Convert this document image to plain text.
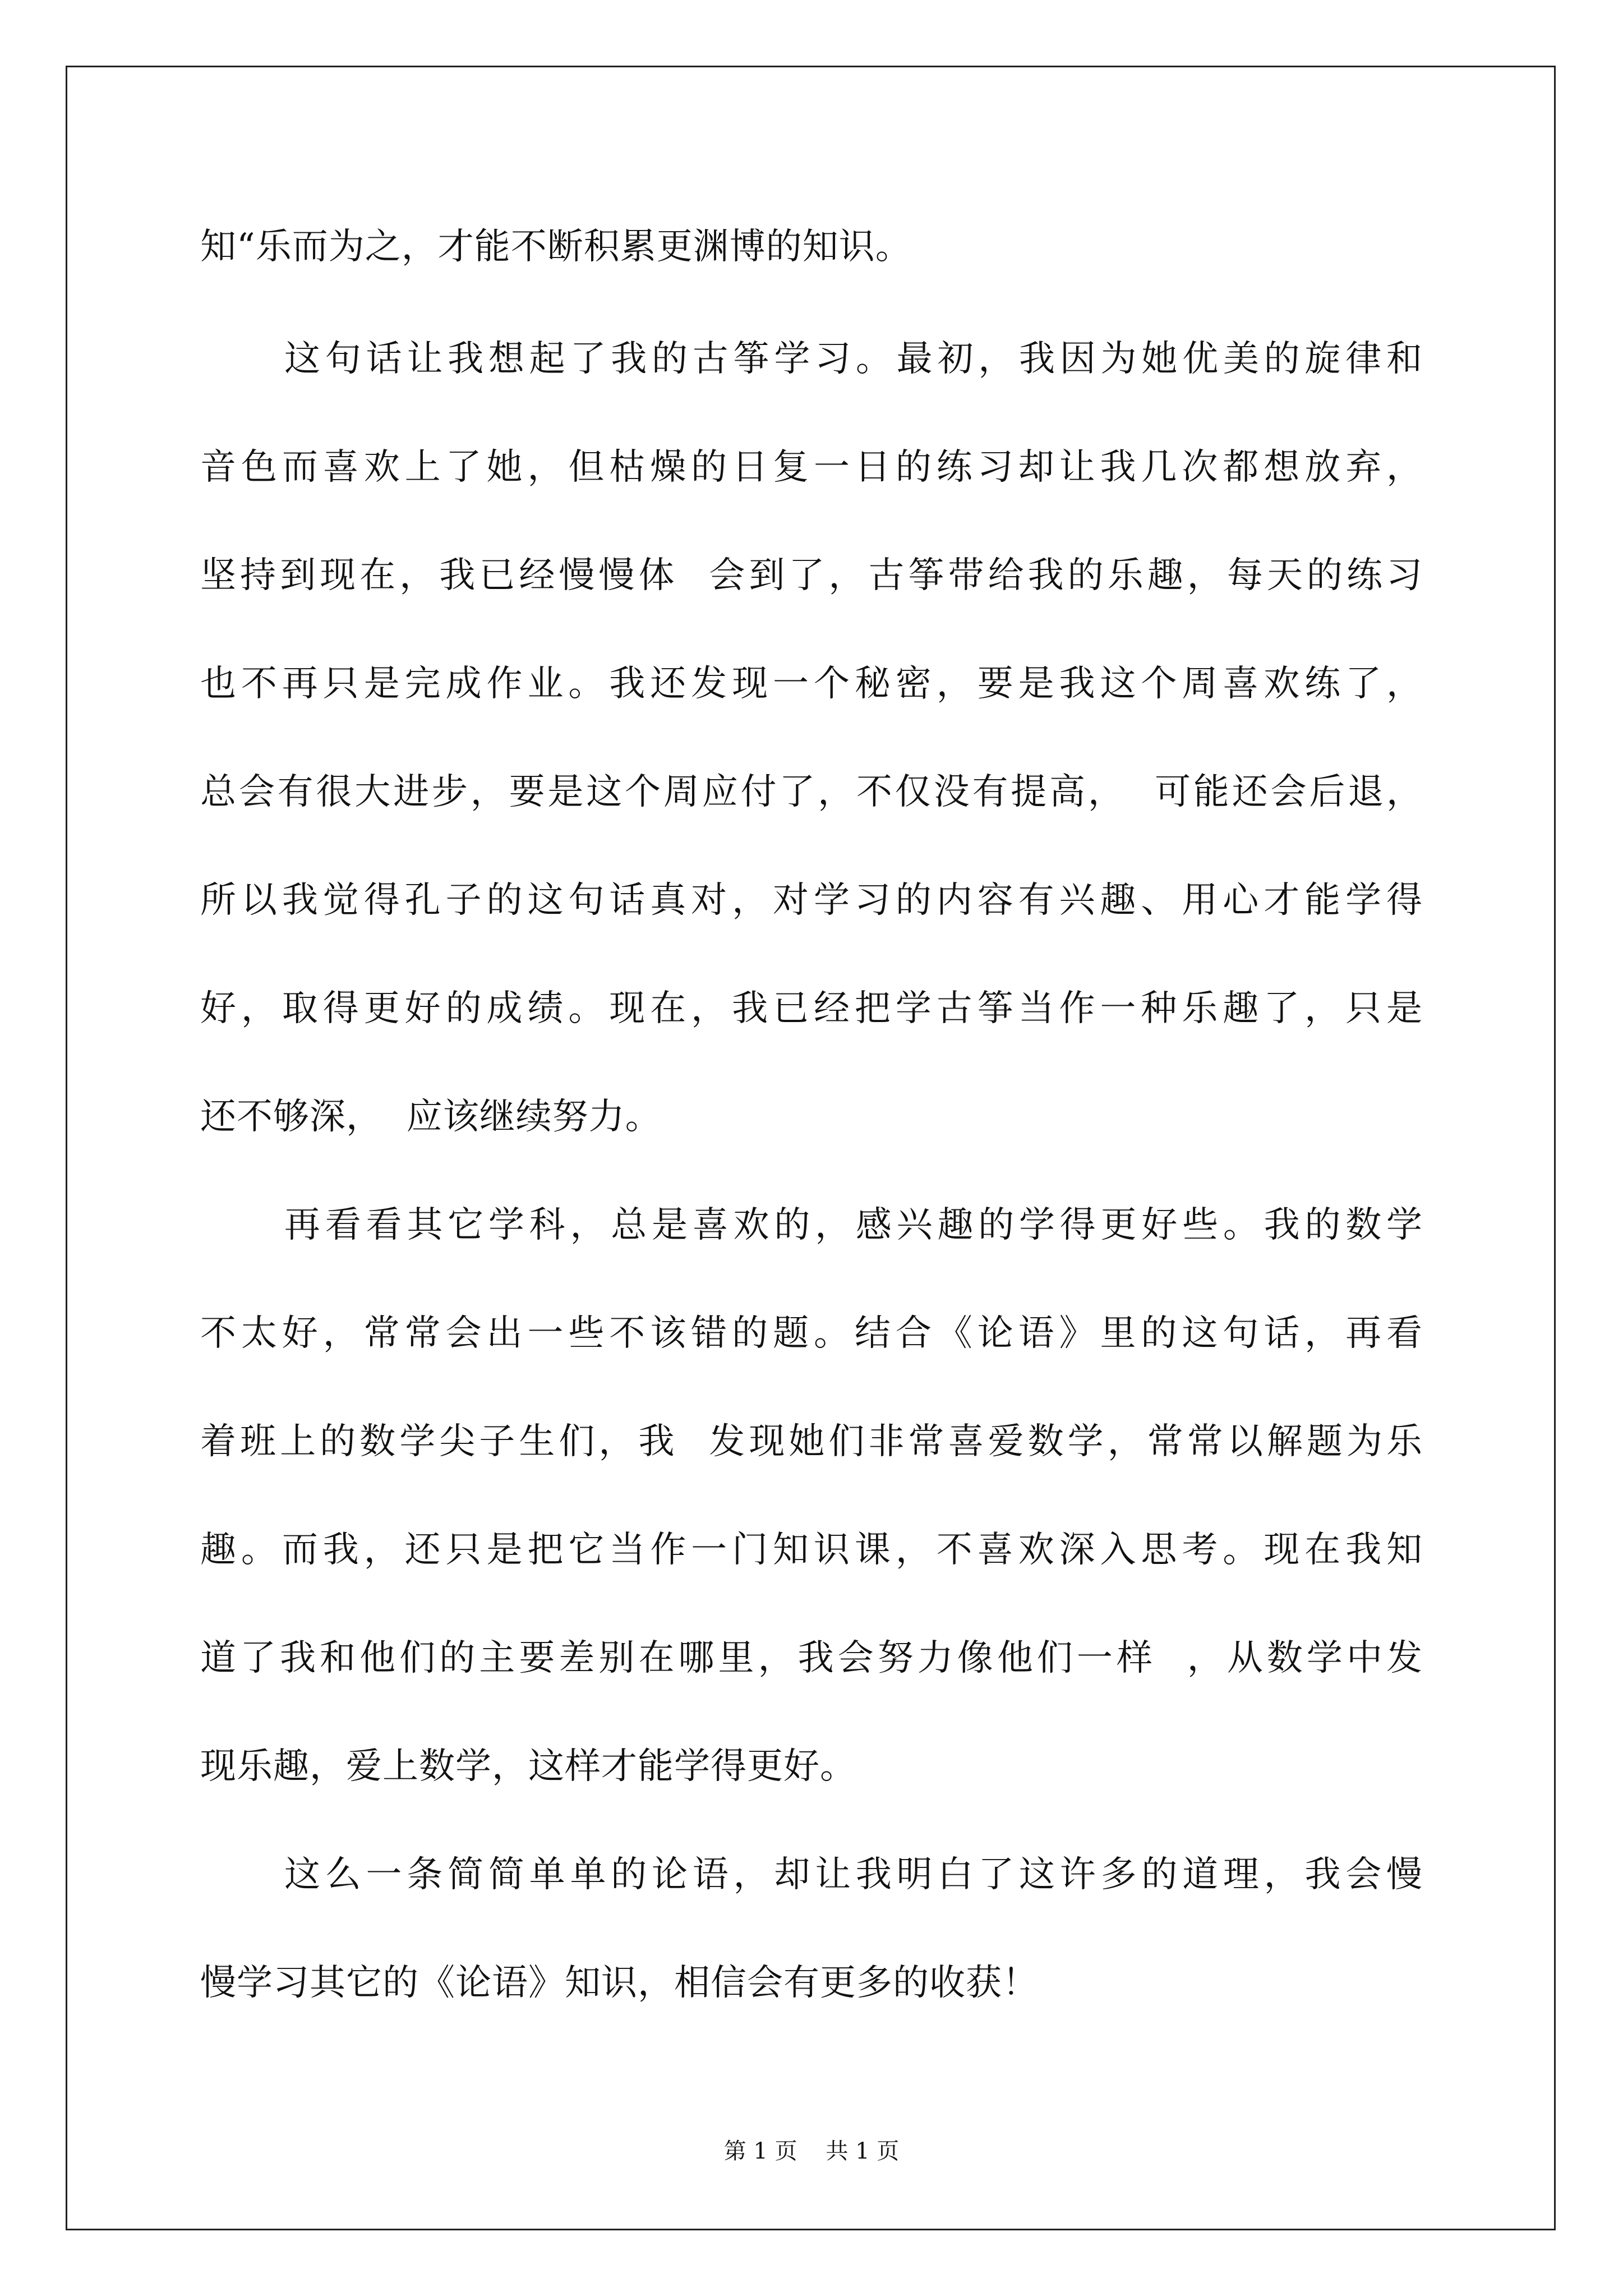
知“乐而为之，才能不断积累更渊博的知识。
这句话让我想起了我的古筝学习。最初，我因为她优美的旋律和
音色而喜欢上了她，但枯燥的日复一日的练习却让我几次都想放弃，
坚持到现在，我已经慢慢体  会到了，古筝带给我的乐趣，每天的练习
也不再只是完成作业。我还发现一个秘密，要是我这个周喜欢练了，
总会有很大进步，要是这个周应付了，不仅没有提高，  可能还会后退，
所以我觉得孔子的这句话真对，对学习的内容有兴趣、用心才能学得
好，取得更好的成绩。现在，我已经把学古筝当作一种乐趣了，只是
还不够深，  应该继续努力。
再看看其它学科，总是喜欢的，感兴趣的学得更好些。我的数学
不太好，常常会出一些不该错的题。结合《论语》里的这句话，再看
着班上的数学尖子生们，我  发现她们非常喜爱数学，常常以解题为乐
趣。而我，还只是把它当作一门知识课，不喜欢深入思考。现在我知
道了我和他们的主要差别在哪里，我会努力像他们一样  ，从数学中发
现乐趣，爱上数学，这样才能学得更好。
这么一条简简单单的论语，却让我明白了这许多的道理，我会慢
慢学习其它的《论语》知识，相信会有更多的收获！
第 1 页    共 1 页
